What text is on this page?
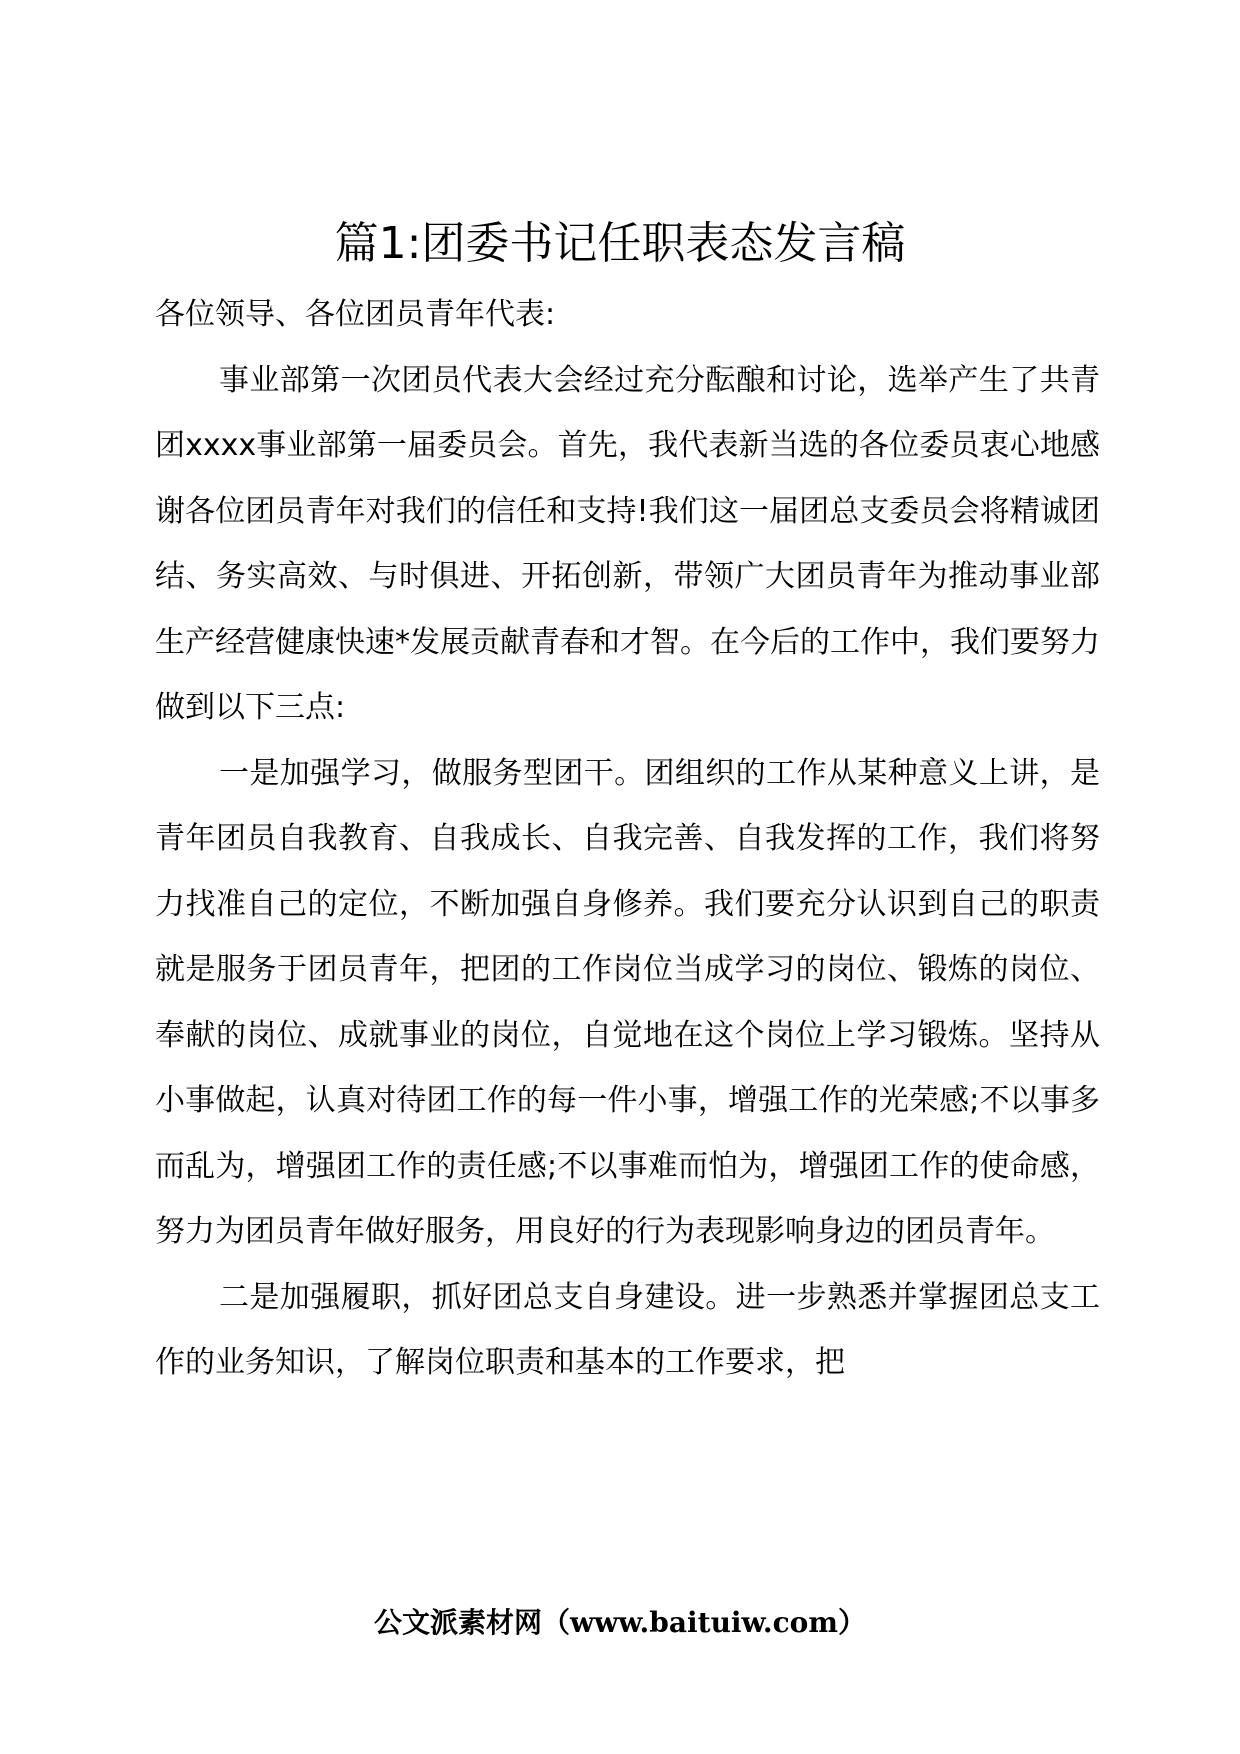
篇1:团委书记任职表态发言稿

各位领导、各位团员青年代表:

事业部第一次团员代表大会经过充分酝酿和讨论，选举产生了共青团xxxx事业部第一届委员会。首先，我代表新当选的各位委员衷心地感谢各位团员青年对我们的信任和支持!我们这一届团总支委员会将精诚团结、务实高效、与时俱进、开拓创新，带领广大团员青年为推动事业部生产经营健康快速*发展贡献青春和才智。在今后的工作中，我们要努力做到以下三点:

一是加强学习，做服务型团干。团组织的工作从某种意义上讲，是青年团员自我教育、自我成长、自我完善、自我发挥的工作，我们将努力找准自己的定位，不断加强自身修养。我们要充分认识到自己的职责就是服务于团员青年，把团的工作岗位当成学习的岗位、锻炼的岗位、奉献的岗位、成就事业的岗位，自觉地在这个岗位上学习锻炼。坚持从小事做起，认真对待团工作的每一件小事，增强工作的光荣感;不以事多而乱为，增强团工作的责任感;不以事难而怕为，增强团工作的使命感，努力为团员青年做好服务，用良好的行为表现影响身边的团员青年。

二是加强履职，抓好团总支自身建设。进一步熟悉并掌握团总支工作的业务知识，了解岗位职责和基本的工作要求，把

公文派素材网（www.baituiw.com）
